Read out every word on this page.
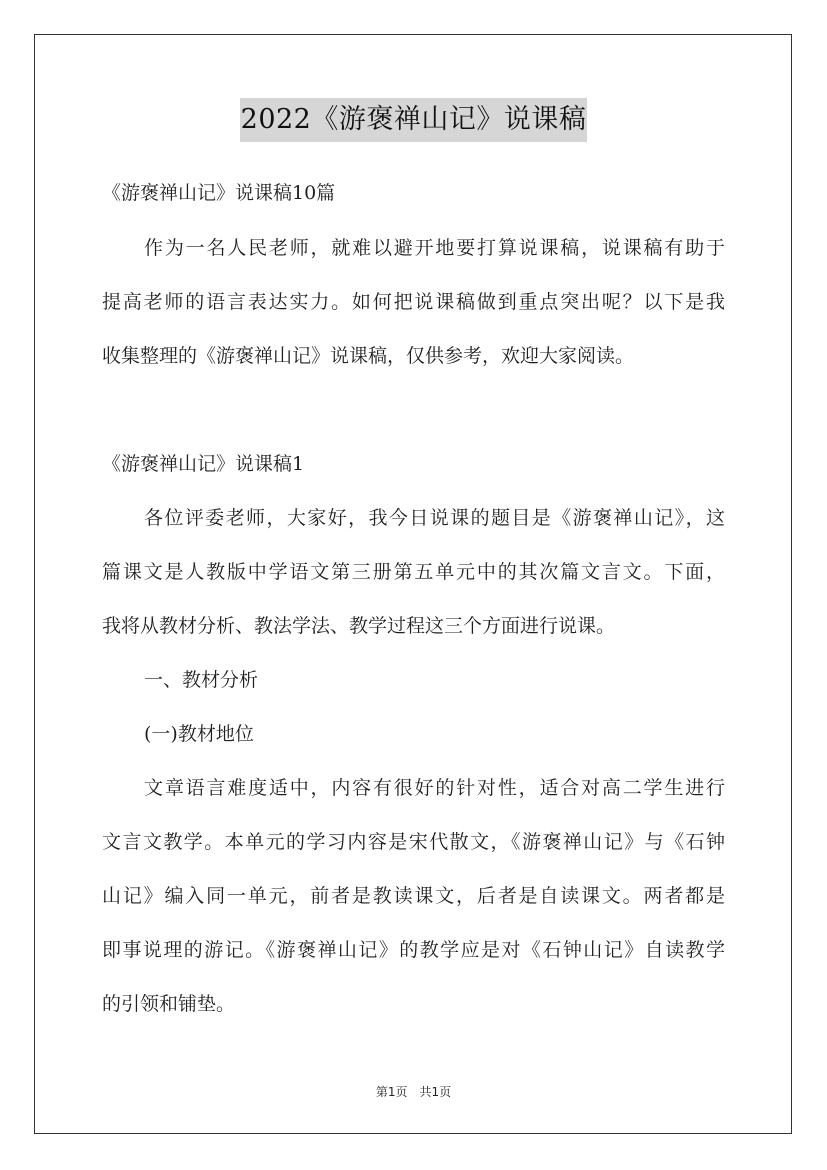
2022《游褒禅山记》说课稿
《游褒禅山记》说课稿10篇
作为一名人民老师，就难以避开地要打算说课稿，说课稿有助于
提高老师的语言表达实力。如何把说课稿做到重点突出呢？以下是我
收集整理的《游褒禅山记》说课稿，仅供参考，欢迎大家阅读。
《游褒禅山记》说课稿1
各位评委老师，大家好，我今日说课的题目是《游褒禅山记》，这
篇课文是人教版中学语文第三册第五单元中的其次篇文言文。下面，
我将从教材分析、教法学法、教学过程这三个方面进行说课。
一、教材分析
(一)教材地位
文章语言难度适中，内容有很好的针对性，适合对高二学生进行
文言文教学。本单元的学习内容是宋代散文，《游褒禅山记》与《石钟
山记》编入同一单元，前者是教读课文，后者是自读课文。两者都是
即事说理的游记。《游褒禅山记》的教学应是对《石钟山记》自读教学
的引领和铺垫。
第1页 共1页
